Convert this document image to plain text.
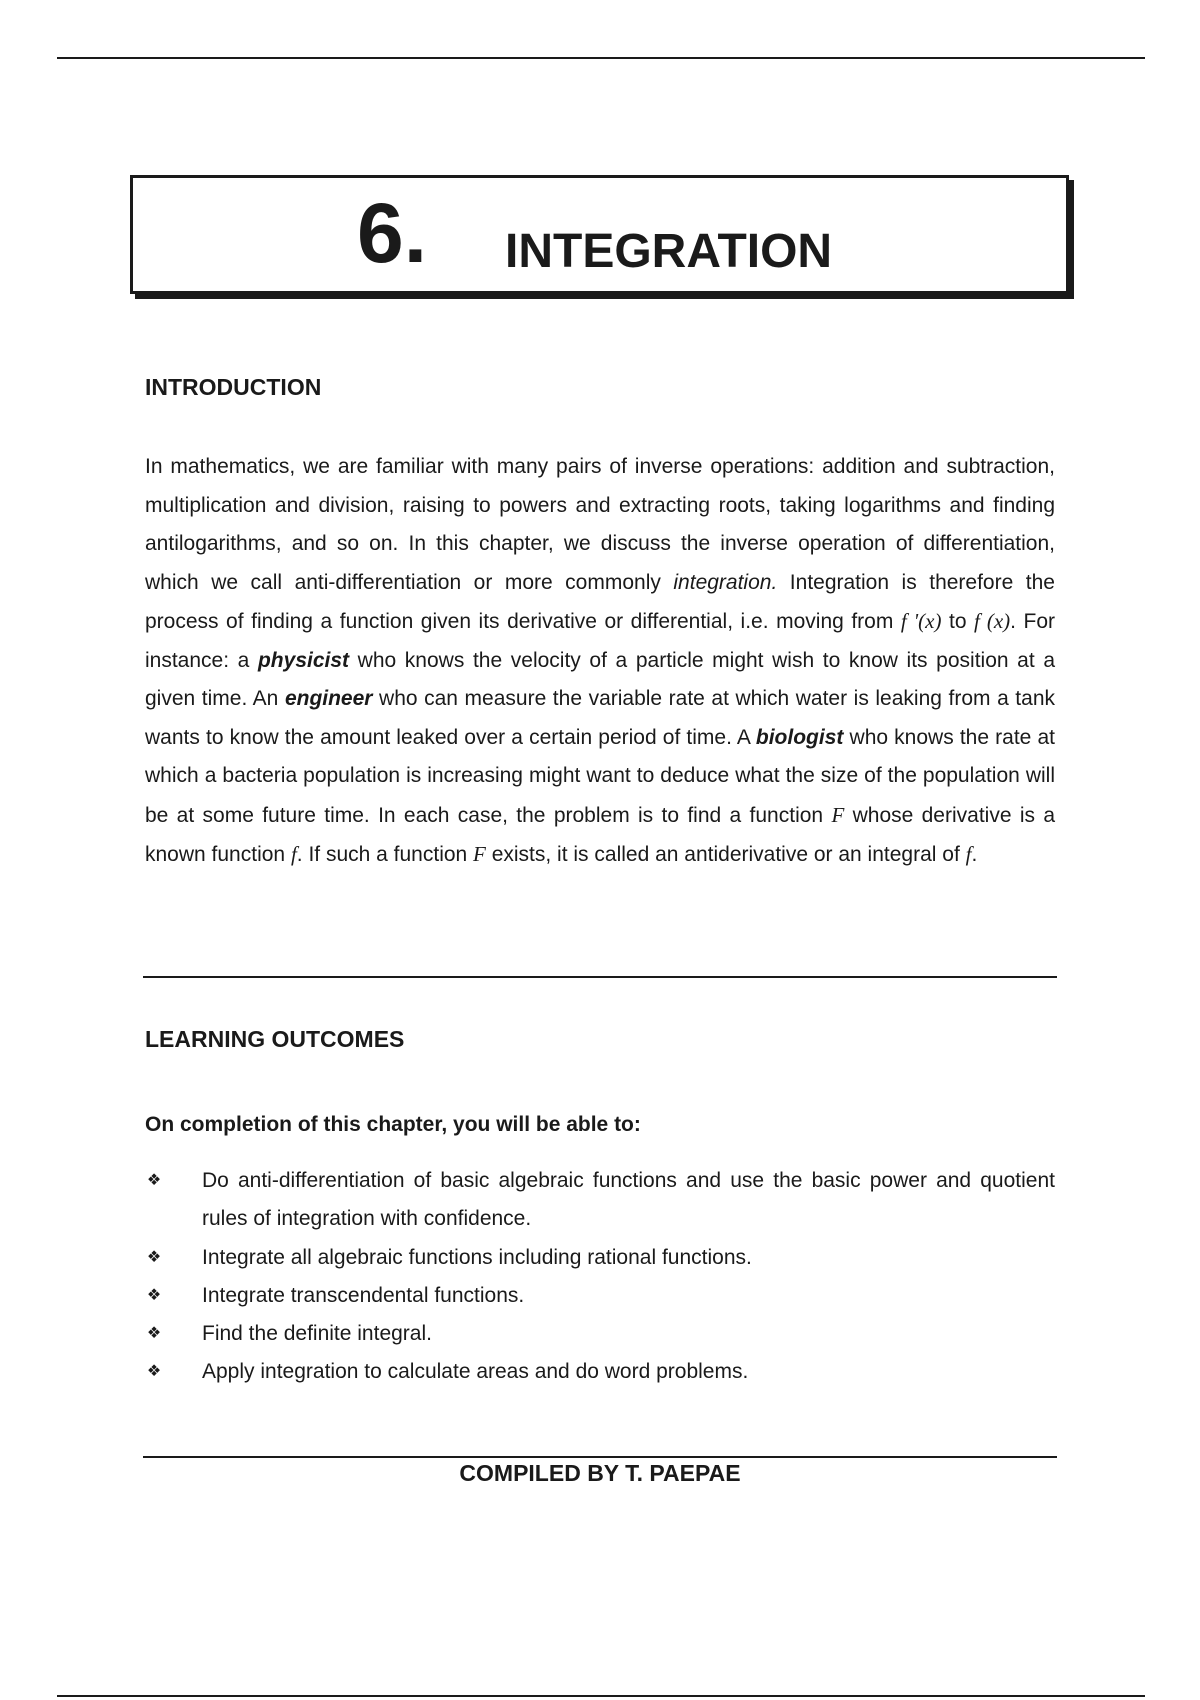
6. INTEGRATION
INTRODUCTION

In mathematics, we are familiar with many pairs of inverse operations: addition and subtraction, multiplication and division, raising to powers and extracting roots, taking logarithms and finding antilogarithms, and so on. In this chapter, we discuss the inverse operation of differentiation, which we call anti-differentiation or more commonly integration. Integration is therefore the process of finding a function given its derivative or differential, i.e. moving from f '(x) to f (x). For instance: a physicist who knows the velocity of a particle might wish to know its position at a given time. An engineer who can measure the variable rate at which water is leaking from a tank wants to know the amount leaked over a certain period of time. A biologist who knows the rate at which a bacteria population is increasing might want to deduce what the size of the population will be at some future time. In each case, the problem is to find a function F whose derivative is a known function f. If such a function F exists, it is called an antiderivative or an integral of f.

LEARNING OUTCOMES
On completion of this chapter, you will be able to:
❖ Do anti-differentiation of basic algebraic functions and use the basic power and quotient rules of integration with confidence.
❖ Integrate all algebraic functions including rational functions.
❖ Integrate transcendental functions.
❖ Find the definite integral.
❖ Apply integration to calculate areas and do word problems.
COMPILED BY T. PAEPAE
